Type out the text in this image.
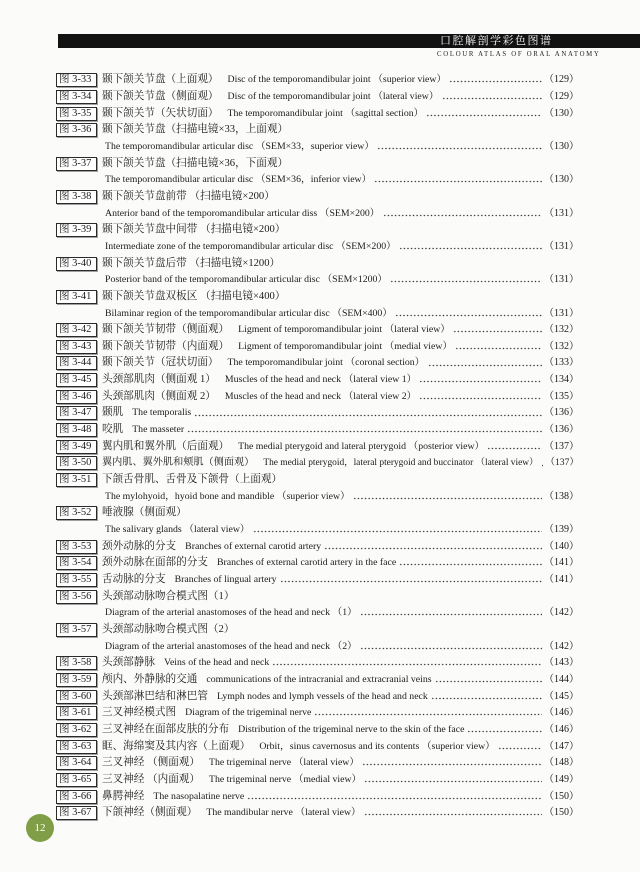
口腔解剖学彩色图谱
COLOUR ATLAS OF ORAL ANATOMY
图 3-33	颞下颌关节盘（上面观） Disc of the temporomandibular joint （superior view）	（129）
图 3-34	颞下颌关节盘（侧面观） Disc of the temporomandibular joint （lateral view）	（129）
图 3-35	颞下颌关节（矢状切面） The temporomandibular joint （sagittal section）	（130）
图 3-36	颞下颌关节盘（扫描电镜×33，上面观）
The temporomandibular articular disc （SEM×33，superior view）	（130）
图 3-37	颞下颌关节盘（扫描电镜×36，下面观）
The temporomandibular articular disc （SEM×36，inferior view）	（130）
图 3-38	颞下颌关节盘前带 （扫描电镜×200）
Anterior band of the temporomandibular articular diss （SEM×200）	（131）
图 3-39	颞下颌关节盘中间带 （扫描电镜×200）
Intermediate zone of the temporomandibular articular disc （SEM×200）	（131）
图 3-40	颞下颌关节盘后带 （扫描电镜×1200）
Posterior band of the temporomandibular articular disc （SEM×1200）	（131）
图 3-41	颞下颌关节盘双板区 （扫描电镜×400）
Bilaminar region of the temporomandibular articular disc （SEM×400）	（131）
图 3-42	颞下颌关节韧带（侧面观） Ligment of temporomandibular joint （lateral view）	（132）
图 3-43	颞下颌关节韧带（内面观） Ligment of temporomandibular joint （medial view）	（132）
图 3-44	颞下颌关节（冠状切面） The temporomandibular joint （coronal section）	（133）
图 3-45	头颈部肌肉（侧面观 1） Muscles of the head and neck （lateral view 1）	（134）
图 3-46	头颈部肌肉（侧面观 2） Muscles of the head and neck （lateral view 2）	（135）
图 3-47	颞肌 The temporalis	（136）
图 3-48	咬肌 The masseter	（136）
图 3-49	翼内肌和翼外肌（后面观） The medial pterygoid and lateral pterygoid （posterior view）	（137）
图 3-50	翼内肌、翼外肌和颊肌（侧面观） The medial pterygoid，lateral pterygoid and buccinator （lateral view） （137）
图 3-51	下颌舌骨肌、舌骨及下颌骨（上面观）
The mylohyoid，hyoid bone and mandible （superior view）	（138）
图 3-52	唾液腺（侧面观）
The salivary glands （lateral view）	（139）
图 3-53	颈外动脉的分支 Branches of external carotid artery	（140）
图 3-54	颈外动脉在面部的分支 Branches of external carotid artery in the face	（141）
图 3-55	舌动脉的分支 Branches of lingual artery	（141）
图 3-56	头颈部动脉吻合模式图（1）
Diagram of the arterial anastomoses of the head and neck （1）	（142）
图 3-57	头颈部动脉吻合模式图（2）
Diagram of the arterial anastomoses of the head and neck （2）	（142）
图 3-58	头颈部静脉 Veins of the head and neck	（143）
图 3-59	颅内、外静脉的交通 communications of the intracranial and extracranial veins	（144）
图 3-60	头颈部淋巴结和淋巴管 Lymph nodes and lymph vessels of the head and neck	（145）
图 3-61	三叉神经模式图 Diagram of the trigeminal nerve	（146）
图 3-62	三叉神经在面部皮肤的分布 Distribution of the trigeminal nerve to the skin of the face	（146）
图 3-63	眶、海绵窦及其内容（上面观） Orbit，sinus cavernosus and its contents （superior view）	（147）
图 3-64	三叉神经 （侧面观） The trigeminal nerve （lateral view）	（148）
图 3-65	三叉神经 （内面观） The trigeminal nerve （medial view）	（149）
图 3-66	鼻腭神经 The nasopalatine nerve	（150）
图 3-67	下颌神经（侧面观） The mandibular nerve （lateral view）	（150）
12
